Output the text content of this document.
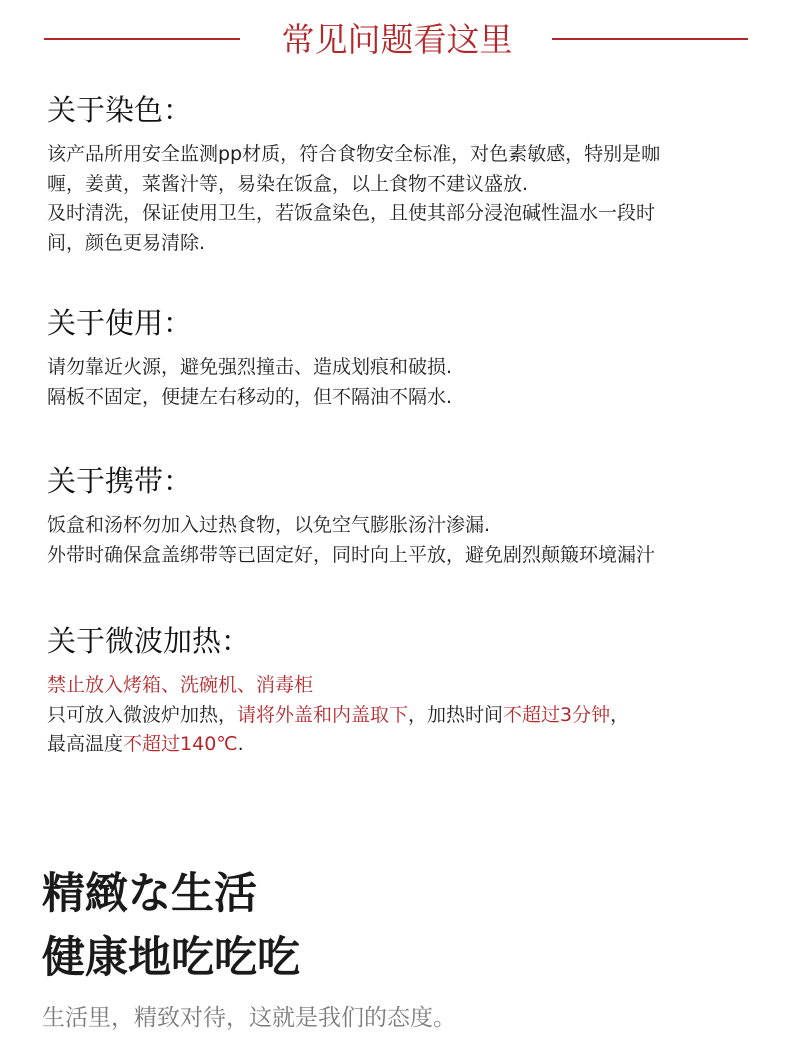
常见问题看这里
关于染色：

该产品所用安全监测pp材质，符合食物安全标准，对色素敏感，特别是咖

喱，姜黄，菜酱汁等，易染在饭盒，以上食物不建议盛放.

及时清洗，保证使用卫生，若饭盒染色，且使其部分浸泡碱性温水一段时

间，颜色更易清除.

关于使用：

请勿靠近火源，避免强烈撞击、造成划痕和破损.

隔板不固定，便捷左右移动的，但不隔油不隔水.

关于携带：

饭盒和汤杯勿加入过热食物，以免空气膨胀汤汁渗漏.

外带时确保盒盖绑带等已固定好，同时向上平放，避免剧烈颠簸环境漏汁

关于微波加热：

禁止放入烤箱、洗碗机、消毒柜

只可放入微波炉加热，请将外盖和内盖取下，加热时间不超过3分钟，

最高温度不超过140℃.

精緻な生活
健康地吃吃吃
生活里，精致对待，这就是我们的态度。
